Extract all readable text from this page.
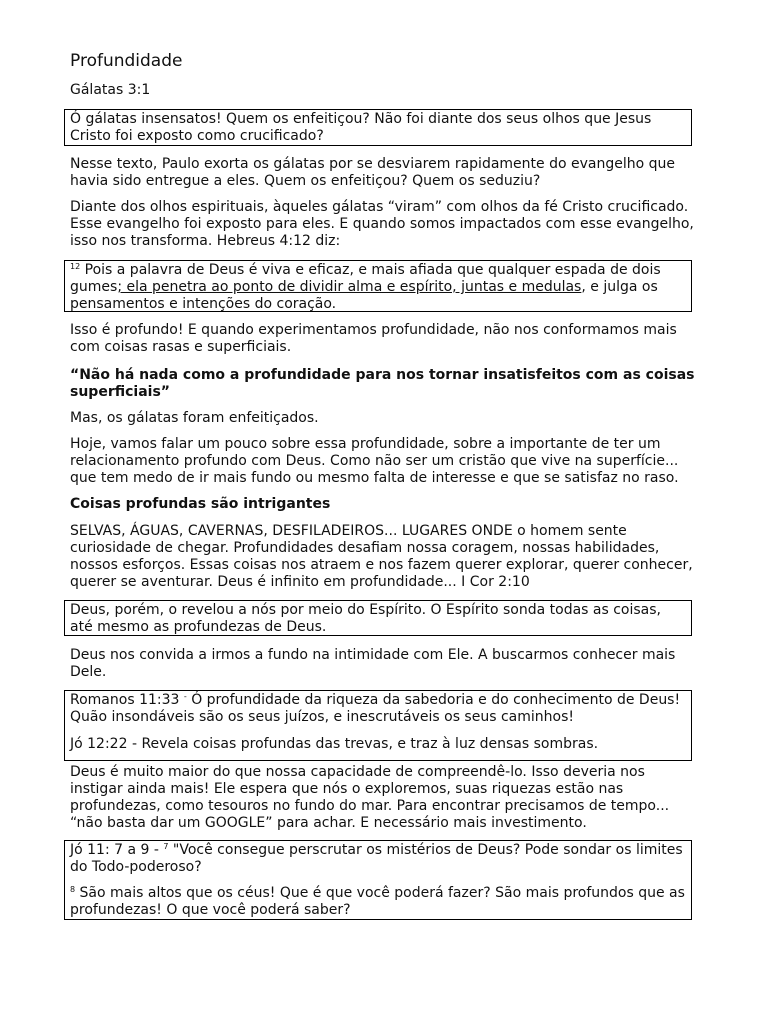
Profundidade
Gálatas 3:1

Ó gálatas insensatos! Quem os enfeitiçou? Não foi diante dos seus olhos que Jesus Cristo foi exposto como crucificado?

Nesse texto, Paulo exorta os gálatas por se desviarem rapidamente do evangelho que havia sido entregue a eles. Quem os enfeitiçou? Quem os seduziu?
Diante dos olhos espirituais, àqueles gálatas “viram” com olhos da fé Cristo crucificado. Esse evangelho foi exposto para eles. E quando somos impactados com esse evangelho, isso nos transforma. Hebreus 4:12 diz:

$^{12}$ Pois a palavra de Deus é viva e eficaz, e mais afiada que qualquer espada de dois gumes; ela penetra ao ponto de dividir alma e espírito, juntas e medulas, e julga os pensamentos e intenções do coração.

Isso é profundo! E quando experimentamos profundidade, não nos conformamos mais com coisas rasas e superficiais.
“Não há nada como a profundidade para nos tornar insatisfeitos com as coisas superficiais”
Mas, os gálatas foram enfeitiçados.
Hoje, vamos falar um pouco sobre essa profundidade, sobre a importante de ter um relacionamento profundo com Deus. Como não ser um cristão que vive na superfície... que tem medo de ir mais fundo ou mesmo falta de interesse e que se satisfaz no raso.
Coisas profundas são intrigantes
SELVAS, ÁGUAS, CAVERNAS, DESFILADEIROS... LUGARES ONDE o homem sente curiosidade de chegar. Profundidades desafiam nossa coragem, nossas habilidades, nossos esforços. Essas coisas nos atraem e nos fazem querer explorar, querer conhecer, querer se aventurar. Deus é infinito em profundidade... I Cor 2:10

Deus, porém, o revelou a nós por meio do Espírito. O Espírito sonda todas as coisas, até mesmo as profundezas de Deus.

Deus nos convida a irmos a fundo na intimidade com Ele. A buscarmos conhecer mais Dele.

Romanos 11:33 - Ó profundidade da riqueza da sabedoria e do conhecimento de Deus! Quão insondáveis são os seus juízos, e inescrutáveis os seus caminhos!

Jó 12:22 - Revela coisas profundas das trevas, e traz à luz densas sombras.

Deus é muito maior do que nossa capacidade de compreendê-lo. Isso deveria nos instigar ainda mais! Ele espera que nós o exploremos, suas riquezas estão nas profundezas, como tesouros no fundo do mar. Para encontrar precisamos de tempo... “não basta dar um GOOGLE” para achar. E necessário mais investimento.

Jó 11: 7 a 9 - $^7$ "Você consegue perscrutar os mistérios de Deus? Pode sondar os limites do Todo-poderoso?

$^8$ São mais altos que os céus! Que é que você poderá fazer? São mais profundos que as profundezas! O que você poderá saber?
